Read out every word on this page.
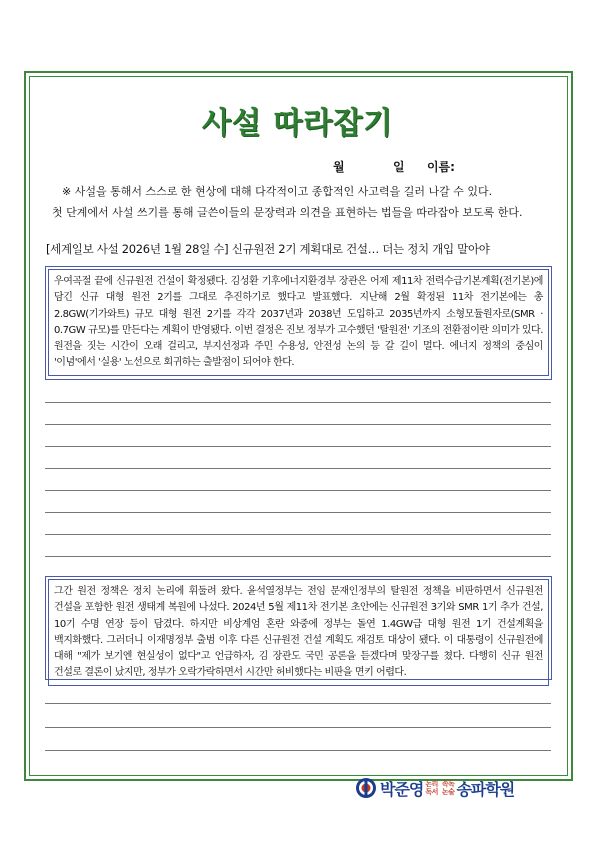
사설 따라잡기
월	일 이름:
※ 사설을 통해서 스스로 한 현상에 대해 다각적이고 종합적인 사고력을 길러 나갈 수 있다.
첫 단계에서 사설 쓰기를 통해 글쓴이들의 문장력과 의견을 표현하는 법들을 따라잡아 보도록 한다.
[세계일보 사설 2026년 1월 28일 수] 신규원전 2기 계획대로 건설… 더는 정치 개입 말아야
우여곡절 끝에 신규원전 건설이 확정됐다. 김성환 기후에너지환경부 장관은 어제 제11차 전력수급기본계획(전기본)에 담긴 신규 대형 원전 2기를 그대로 추진하기로 했다고 발표했다. 지난해 2월 확정된 11차 전기본에는 총 2.8GW(기가와트) 규모 대형 원전 2기를 각각 2037년과 2038년 도입하고 2035년까지 소형모듈원자로(SMR · 0.7GW 규모)를 만든다는 계획이 반영됐다. 이번 결정은 진보 정부가 고수했던 '탈원전' 기조의 전환점이란 의미가 있다. 원전을 짓는 시간이 오래 걸리고, 부지선정과 주민 수용성, 안전성 논의 등 갈 길이 멀다. 에너지 정책의 중심이 '이념'에서 '실용' 노선으로 회귀하는 출발점이 되어야 한다.
그간 원전 정책은 정치 논리에 휘둘려 왔다. 윤석열정부는 전임 문재인정부의 탈원전 정책을 비판하면서 신규원전 건설을 포함한 원전 생태계 복원에 나섰다. 2024년 5월 제11차 전기본 초안에는 신규원전 3기와 SMR 1기 추가 건설, 10기 수명 연장 등이 담겼다. 하지만 비상계엄 혼란 와중에 정부는 돌연 1.4GW급 대형 원전 1기 건설계획을 백지화했다. 그러더니 이재명정부 출범 이후 다른 신규원전 건설 계획도 재검토 대상이 됐다. 이 대통령이 신규원전에 대해 "제가 보기엔 현실성이 없다"고 언급하자, 김 장관도 국민 공론을 듣겠다며 맞장구를 쳤다. 다행히 신규 원전 건설로 결론이 났지만, 정부가 오락가락하면서 시간만 허비했다는 비판을 면키 어렵다.
박준영 논리
독서
속독
논술 송파학원
